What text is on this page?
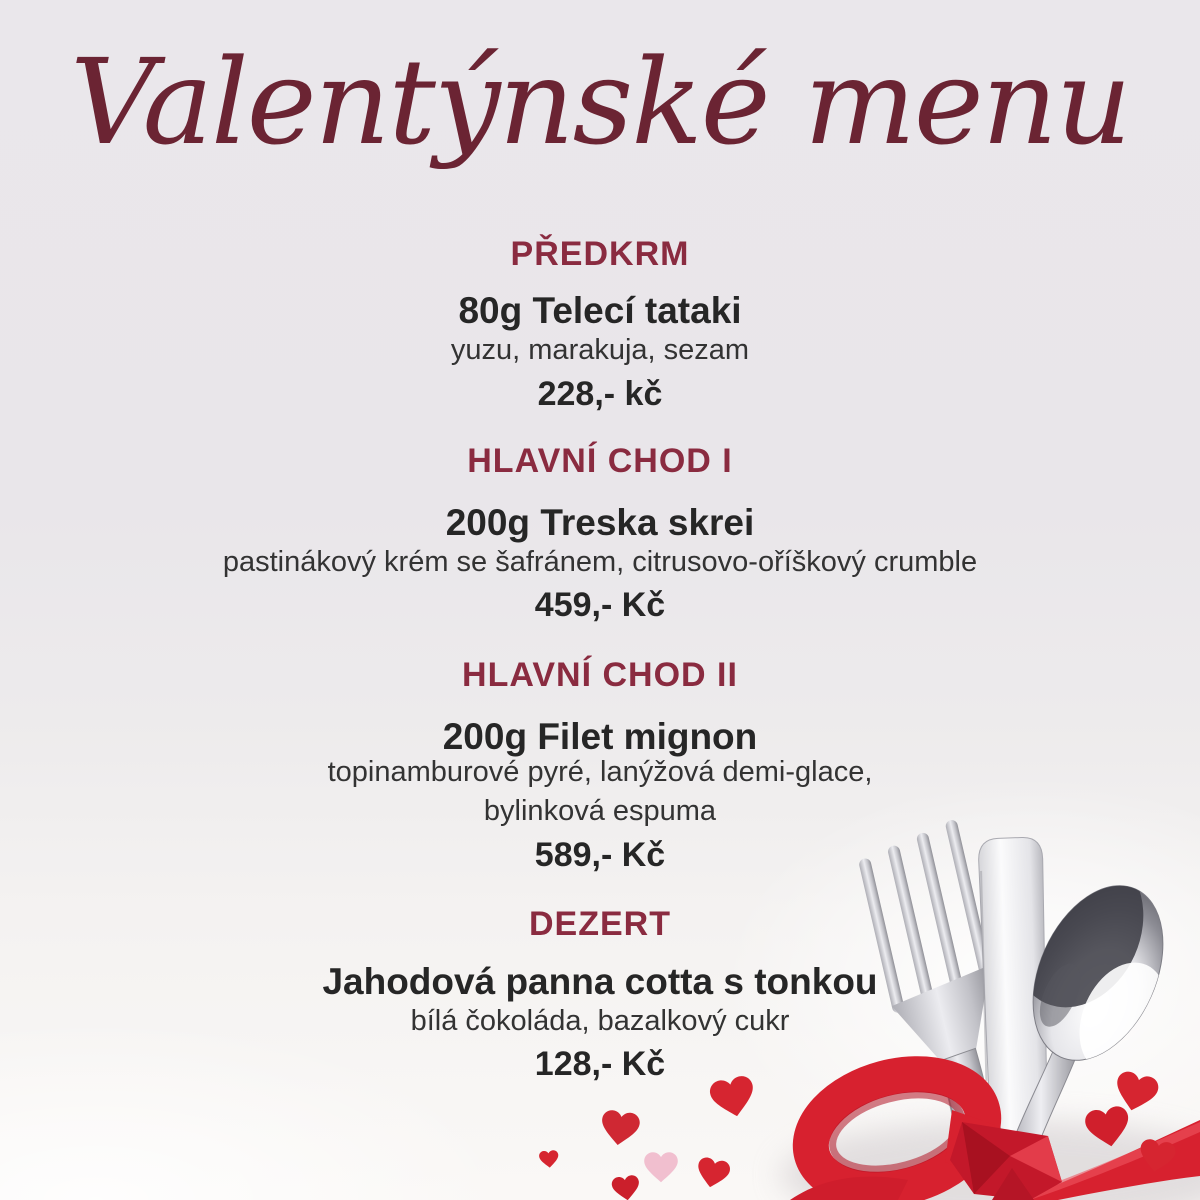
Valentýnské menu
PŘEDKRM
80g Telecí tataki
yuzu, marakuja, sezam
228,- kč
HLAVNÍ CHOD I
200g Treska skrei
pastinákový krém se šafránem, citrusovo-oříškový crumble
459,- Kč
HLAVNÍ CHOD II
200g Filet mignon
topinamburové pyré, lanýžová demi-glace,
bylinková espuma
589,- Kč
DEZERT
Jahodová panna cotta s tonkou
bílá čokoláda, bazalkový cukr
128,- Kč
